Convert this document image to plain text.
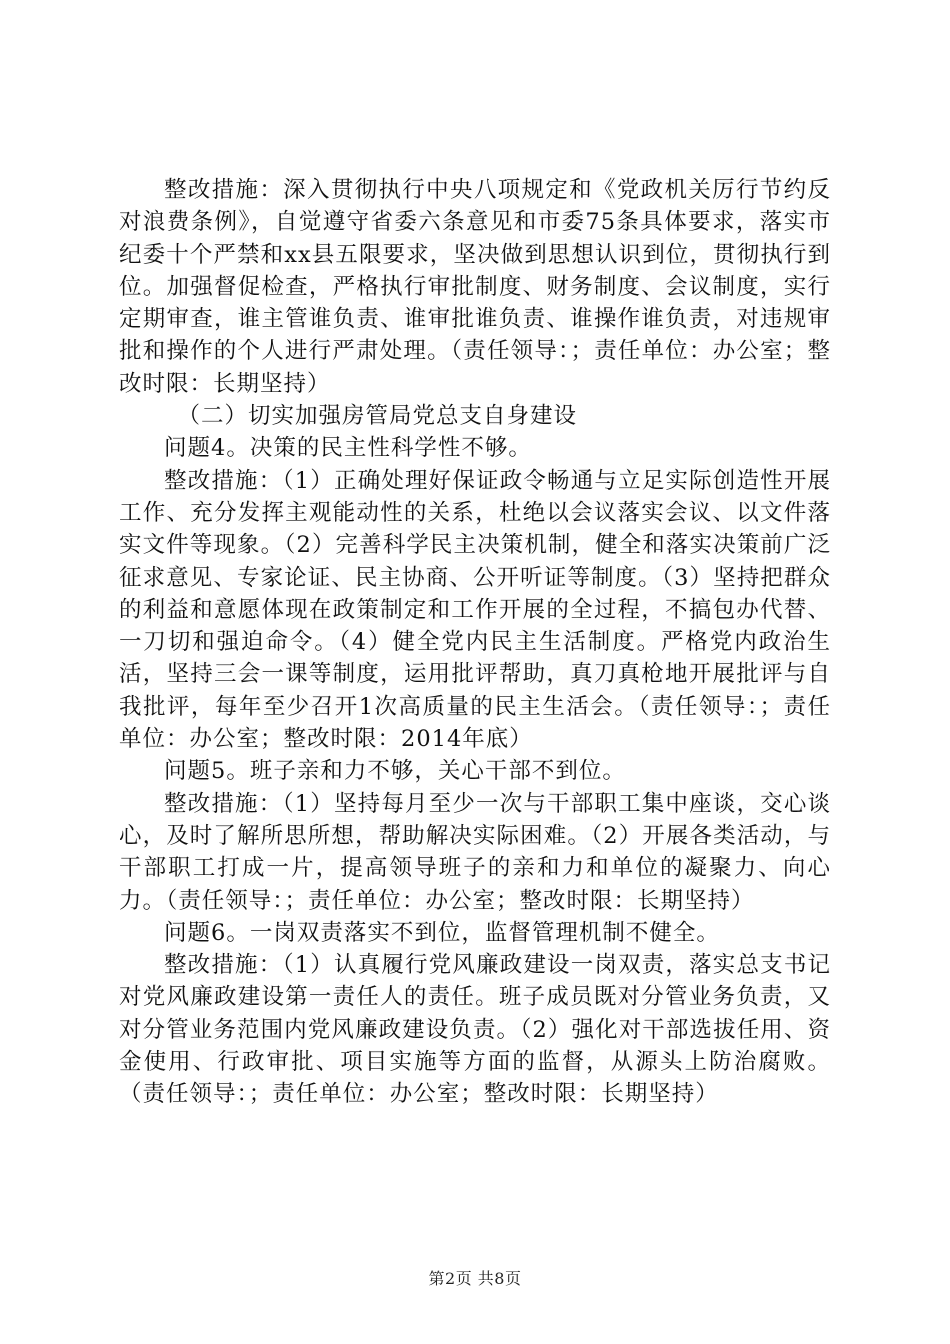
整改措施：深入贯彻执行中央八项规定和《党政机关厉行节约反对浪费条例》，自觉遵守省委六条意见和市委75条具体要求，落实市纪委十个严禁和xx县五限要求，坚决做到思想认识到位，贯彻执行到位。加强督促检查，严格执行审批制度、财务制度、会议制度，实行定期审查，谁主管谁负责、谁审批谁负责、谁操作谁负责，对违规审批和操作的个人进行严肃处理。（责任领导：；责任单位：办公室；整改时限：长期坚持）

（二）切实加强房管局党总支自身建设

问题4。决策的民主性科学性不够。

整改措施：（1）正确处理好保证政令畅通与立足实际创造性开展工作、充分发挥主观能动性的关系，杜绝以会议落实会议、以文件落实文件等现象。（2）完善科学民主决策机制，健全和落实决策前广泛征求意见、专家论证、民主协商、公开听证等制度。（3）坚持把群众的利益和意愿体现在政策制定和工作开展的全过程，不搞包办代替、一刀切和强迫命令。（4）健全党内民主生活制度。严格党内政治生活，坚持三会一课等制度，运用批评帮助，真刀真枪地开展批评与自我批评，每年至少召开1次高质量的民主生活会。（责任领导：；责任单位：办公室；整改时限：2014年底）

问题5。班子亲和力不够，关心干部不到位。

整改措施：（1）坚持每月至少一次与干部职工集中座谈，交心谈心，及时了解所思所想，帮助解决实际困难。（2）开展各类活动，与干部职工打成一片，提高领导班子的亲和力和单位的凝聚力、向心力。（责任领导：；责任单位：办公室；整改时限：长期坚持）

问题6。一岗双责落实不到位，监督管理机制不健全。

整改措施：（1）认真履行党风廉政建设一岗双责，落实总支书记对党风廉政建设第一责任人的责任。班子成员既对分管业务负责，又对分管业务范围内党风廉政建设负责。（2）强化对干部选拔任用、资金使用、行政审批、项目实施等方面的监督，从源头上防治腐败。（责任领导：；责任单位：办公室；整改时限：长期坚持）

第2页 共8页
